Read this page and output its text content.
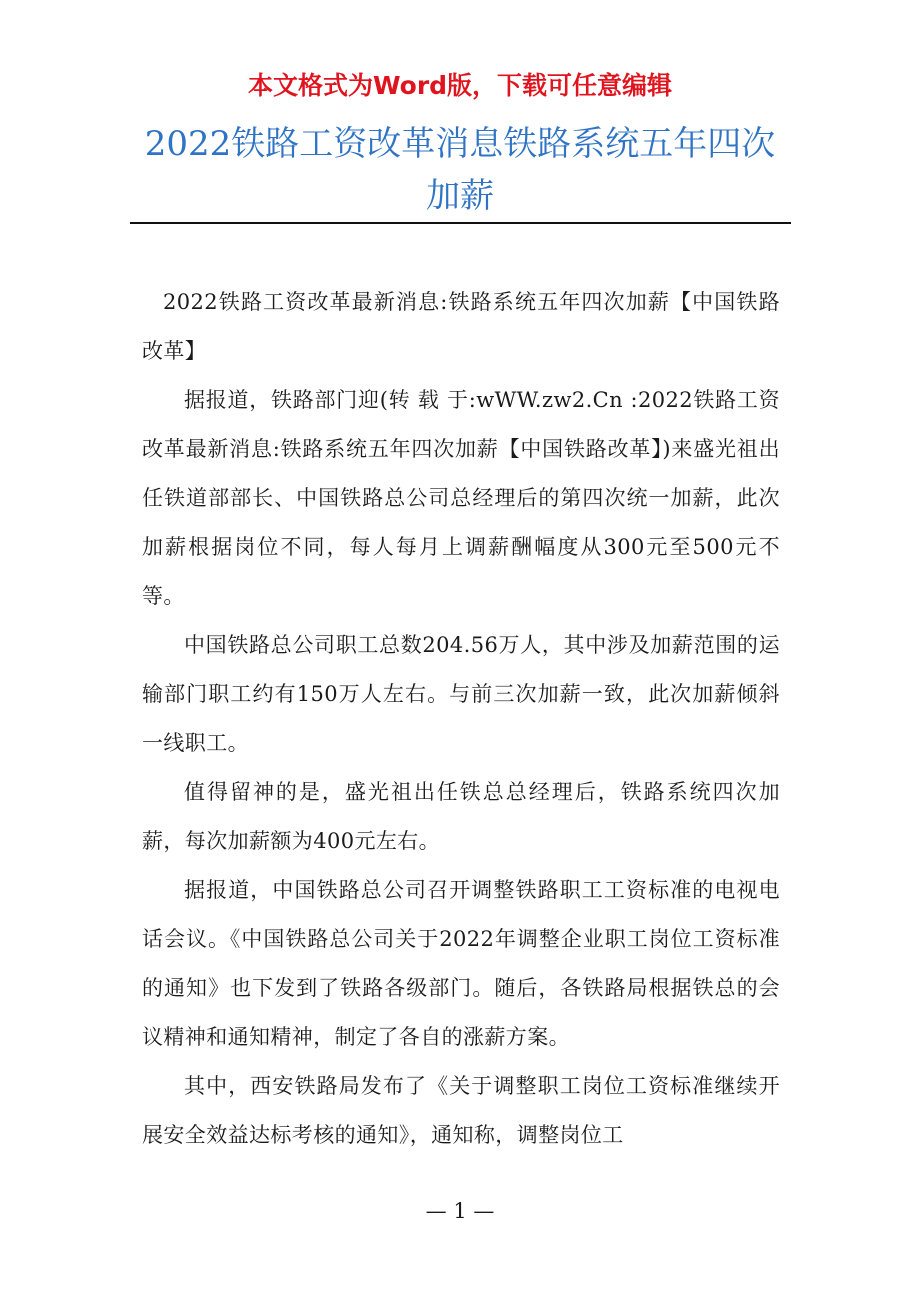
本文格式为Word版，下载可任意编辑
2022铁路工资改革消息铁路系统五年四次
加薪

2022铁路工资改革最新消息:铁路系统五年四次加薪【中国铁路改革】

据报道，铁路部门迎(转 载 于:wWW.zw2.Cn :2022铁路工资改革最新消息:铁路系统五年四次加薪【中国铁路改革】)来盛光祖出任铁道部部长、中国铁路总公司总经理后的第四次统一加薪，此次加薪根据岗位不同，每人每月上调薪酬幅度从300元至500元不等。

中国铁路总公司职工总数204.56万人，其中涉及加薪范围的运输部门职工约有150万人左右。与前三次加薪一致，此次加薪倾斜一线职工。

值得留神的是，盛光祖出任铁总总经理后，铁路系统四次加薪，每次加薪额为400元左右。

据报道，中国铁路总公司召开调整铁路职工工资标准的电视电话会议。《中国铁路总公司关于2022年调整企业职工岗位工资标准的通知》也下发到了铁路各级部门。随后，各铁路局根据铁总的会议精神和通知精神，制定了各自的涨薪方案。

其中，西安铁路局发布了《关于调整职工岗位工资标准继续开展安全效益达标考核的通知》，通知称，调整岗位工

— 1 —
